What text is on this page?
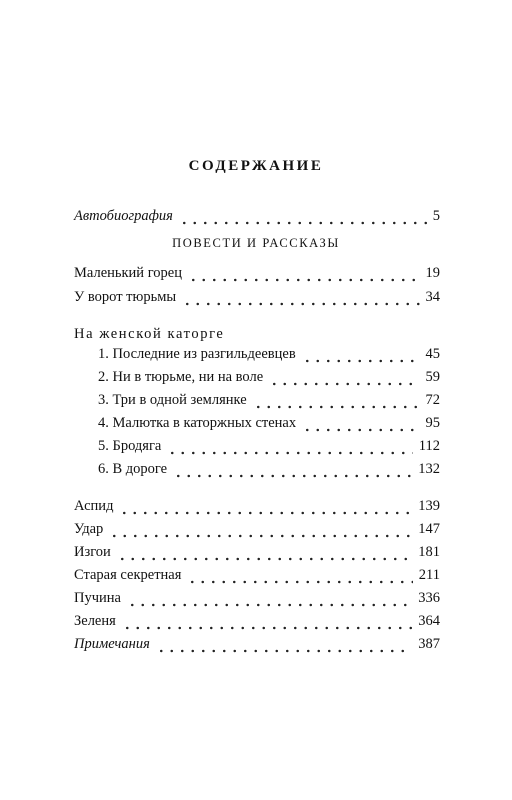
СОДЕРЖАНИЕ
Автобиография	5
ПОВЕСТИ И РАССКАЗЫ
Маленький горец	19
У ворот тюрьмы	34
На женской каторге
1. Последние из разгильдеевцев	45
2. Ни в тюрьме, ни на воле	59
3. Три в одной землянке	72
4. Малютка в каторжных стенах	95
5. Бродяга	112
6. В дороге	132
Аспид	139
Удар	147
Изгои	181
Старая секретная	211
Пучина	336
Зеленя	364
Примечания	387
